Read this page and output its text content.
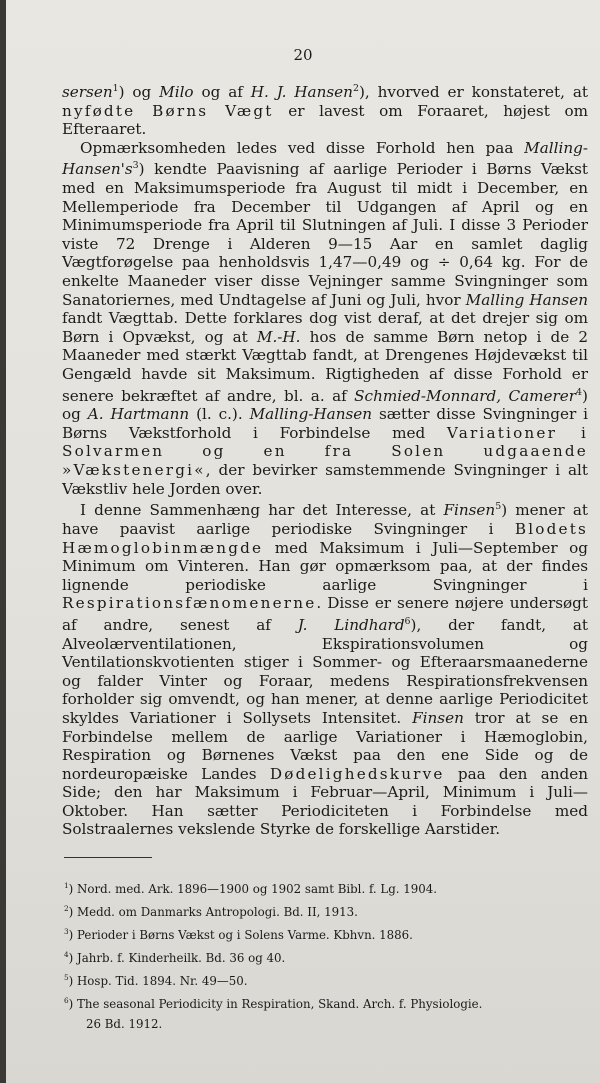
20

sersen$^1$) og Milo og af H. J. Hansen$^2$), hvorved er konstateret, at nyfødte Børns Vægt er lavest om Foraaret, højest om Efteraaret.

Opmærksomheden ledes ved disse Forhold hen paa Malling-$Hansen's^3$) kendte Paavisning af aarlige Perioder i Børns Vækst med en Maksimumsperiode fra August til midt i December, en Mellemperiode fra December til Udgangen af April og en Minimumsperiode fra April til Slutningen af Juli. I disse 3 Perioder viste 72 Drenge i Alderen 9—15 Aar en samlet daglig Vægtforøgelse paa henholdsvis 1,47—0,49 og ÷ 0,64 kg. For de enkelte Maaneder viser disse Vejninger samme Svingninger som Sanatoriernes, med Undtagelse af Juni og Juli, hvor Malling Hansen fandt Vægttab. Dette forklares dog vist deraf, at det drejer sig om Børn i Opvækst, og at M.-H. hos de samme Børn netop i de 2 Maaneder med stærkt Vægttab fandt, at Drengenes Højdevækst til Gengæld havde sit Maksimum. Rigtigheden af disse Forhold er senere bekræftet af andre, bl. a. af Schmied-Monnard, Camerer$^4$) og A. Hartmann (l. c.). Malling-Hansen sætter disse Svingninger i Børns Vækstforhold i Forbindelse med Variationer i Solvarmen og en fra Solen udgaaende »Vækstenergi«, der bevirker samstemmende Svingninger i alt Vækstliv hele Jorden over.

I denne Sammenhæng har det Interesse, at Finsen$^5$) mener at have paavist aarlige periodiske Svingninger i Blodets Hæmoglobinmængde med Maksimum i Juli—September og Minimum om Vinteren. Han gør opmærksom paa, at der findes lignende periodiske aarlige Svingninger i Respirationsfænomenerne. Disse er senere nøjere undersøgt af andre, senest af J. Lindhard$^6$), der fandt, at Alveolærventilationen, Ekspirationsvolumen og Ventilationskvotienten stiger i Sommer- og Efteraarsmaanederne og falder Vinter og Foraar, medens Respirationsfrekvensen forholder sig omvendt, og han mener, at denne aarlige Periodicitet skyldes Variationer i Sollysets Intensitet. Finsen tror at se en Forbindelse mellem de aarlige Variationer i Hæmoglobin, Respiration og Børnenes Vækst paa den ene Side og de nordeuropæiske Landes Dødelighedskurve paa den anden Side; den har Maksimum i Februar—April, Minimum i Juli—Oktober. Han sætter Periodiciteten i Forbindelse med Solstraalernes vekslende Styrke de forskellige Aarstider.

$^1$) Nord. med. Ark. 1896—1900 og 1902 samt Bibl. f. Lg. 1904.
$^2$) Medd. om Danmarks Antropologi. Bd. II, 1913.
$^3$) Perioder i Børns Vækst og i Solens Varme. Kbhvn. 1886.
$^4$) Jahrb. f. Kinderheilk. Bd. 36 og 40.
$^5$) Hosp. Tid. 1894. Nr. 49—50.
$^6$) The seasonal Periodicity in Respiration, Skand. Arch. f. Physiologie.
26 Bd. 1912.
